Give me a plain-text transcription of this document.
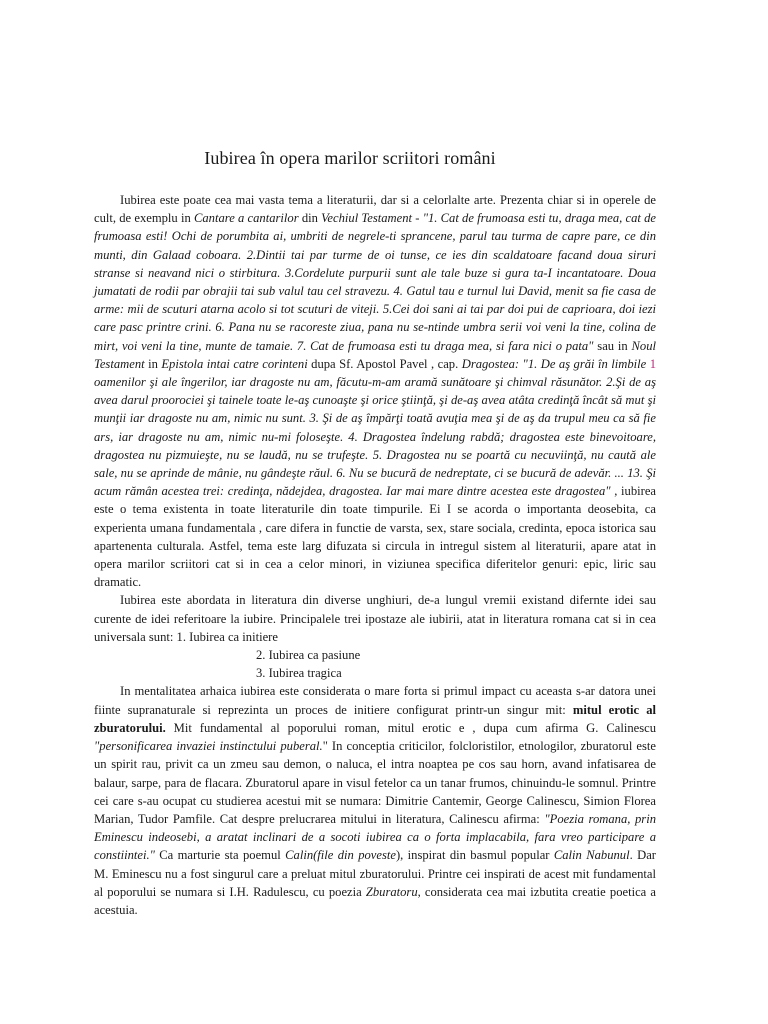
Iubirea în opera marilor scriitori români

Iubirea este poate cea mai vasta tema a literaturii, dar si a celorlalte arte. Prezenta chiar si in operele de cult, de exemplu in Cantare a cantarilor din Vechiul Testament - "1. Cat de frumoasa esti tu, draga mea, cat de frumoasa esti! Ochi de porumbita ai, umbriti de negrele-ti sprancene, parul tau turma de capre pare, ce din munti, din Galaad coboara. 2.Dintii tai par turme de oi tunse, ce ies din scaldatoare facand doua siruri stranse si neavand nici o stirbitura. 3.Cordelute purpurii sunt ale tale buze si gura ta-I incantatoare. Doua jumatati de rodii par obrajii tai sub valul tau cel stravezu. 4. Gatul tau e turnul lui David, menit sa fie casa de arme: mii de scuturi atarna acolo si tot scuturi de viteji. 5.Cei doi sani ai tai par doi pui de caprioara, doi iezi care pasc printre crini. 6. Pana nu se racoreste ziua, pana nu se-ntinde umbra serii voi veni la tine, colina de mirt, voi veni la tine, munte de tamaie. 7. Cat de frumoasa esti tu draga mea, si fara nici o pata" sau in Noul Testament in Epistola intai catre corinteni dupa Sf. Apostol Pavel , cap. Dragostea: "1. De aş grăi în limbile 1 oamenilor şi ale îngerilor, iar dragoste nu am, făcutu-m-am aramă sunătoare şi chimval răsunător. 2.Şi de aş avea darul proorociei şi tainele toate le-aş cunoaşte şi orice ştiinţă, şi de-aş avea atâta credinţă încât să mut şi munţii iar dragoste nu am, nimic nu sunt. 3. Şi de aş împărţi toată avuţia mea şi de aş da trupul meu ca să fie ars, iar dragoste nu am, nimic nu-mi foloseşte. 4. Dragostea îndelung rabdă; dragostea este binevoitoare, dragostea nu pizmuieşte, nu se laudă, nu se trufeşte. 5. Dragostea nu se poartă cu necuviinţă, nu caută ale sale, nu se aprinde de mânie, nu gândeşte răul. 6. Nu se bucură de nedreptate, ci se bucură de adevăr. ... 13. Şi acum rămân acestea trei: credinţa, nădejdea, dragostea. Iar mai mare dintre acestea este dragostea" , iubirea este o tema existenta in toate literaturile din toate timpurile. Ei I se acorda o importanta deosebita, ca experienta umana fundamentala , care difera in functie de varsta, sex, stare sociala, credinta, epoca istorica sau apartenenta culturala. Astfel, tema este larg difuzata si circula in intregul sistem al literaturii, apare atat in opera marilor scriitori cat si in cea a celor minori, in viziunea specifica diferitelor genuri: epic, liric sau dramatic.

Iubirea este abordata in literatura din diverse unghiuri, de-a lungul vremii existand difernte idei sau curente de idei referitoare la iubire. Principalele trei ipostaze ale iubirii, atat in literatura romana cat si in cea universala sunt: 1. Iubirea ca initiere

2. Iubirea ca pasiune
3. Iubirea tragica

In mentalitatea arhaica iubirea este considerata o mare forta si primul impact cu aceasta s-ar datora unei fiinte supranaturale si reprezinta un proces de initiere configurat printr-un singur mit: mitul erotic al zburatorului. Mit fundamental al poporului roman, mitul erotic e , dupa cum afirma G. Calinescu "personificarea invaziei instinctului puberal." In conceptia criticilor, folcloristilor, etnologilor, zburatorul este un spirit rau, privit ca un zmeu sau demon, o naluca, el intra noaptea pe cos sau horn, avand infatisarea de balaur, sarpe, para de flacara. Zburatorul apare in visul fetelor ca un tanar frumos, chinuindu-le somnul. Printre cei care s-au ocupat cu studierea acestui mit se numara: Dimitrie Cantemir, George Calinescu, Simion Florea Marian, Tudor Pamfile. Cat despre prelucrarea mitului in literatura, Calinescu afirma: "Poezia romana, prin Eminescu indeosebi, a aratat inclinari de a socoti iubirea ca o forta implacabila, fara vreo participare a constiintei." Ca marturie sta poemul Calin(file din poveste), inspirat din basmul popular Calin Nabunul. Dar M. Eminescu nu a fost singurul care a preluat mitul zburatorului. Printre cei inspirati de acest mit fundamental al poporului se numara si I.H. Radulescu, cu poezia Zburatoru, considerata cea mai izbutita creatie poetica a acestuia.
